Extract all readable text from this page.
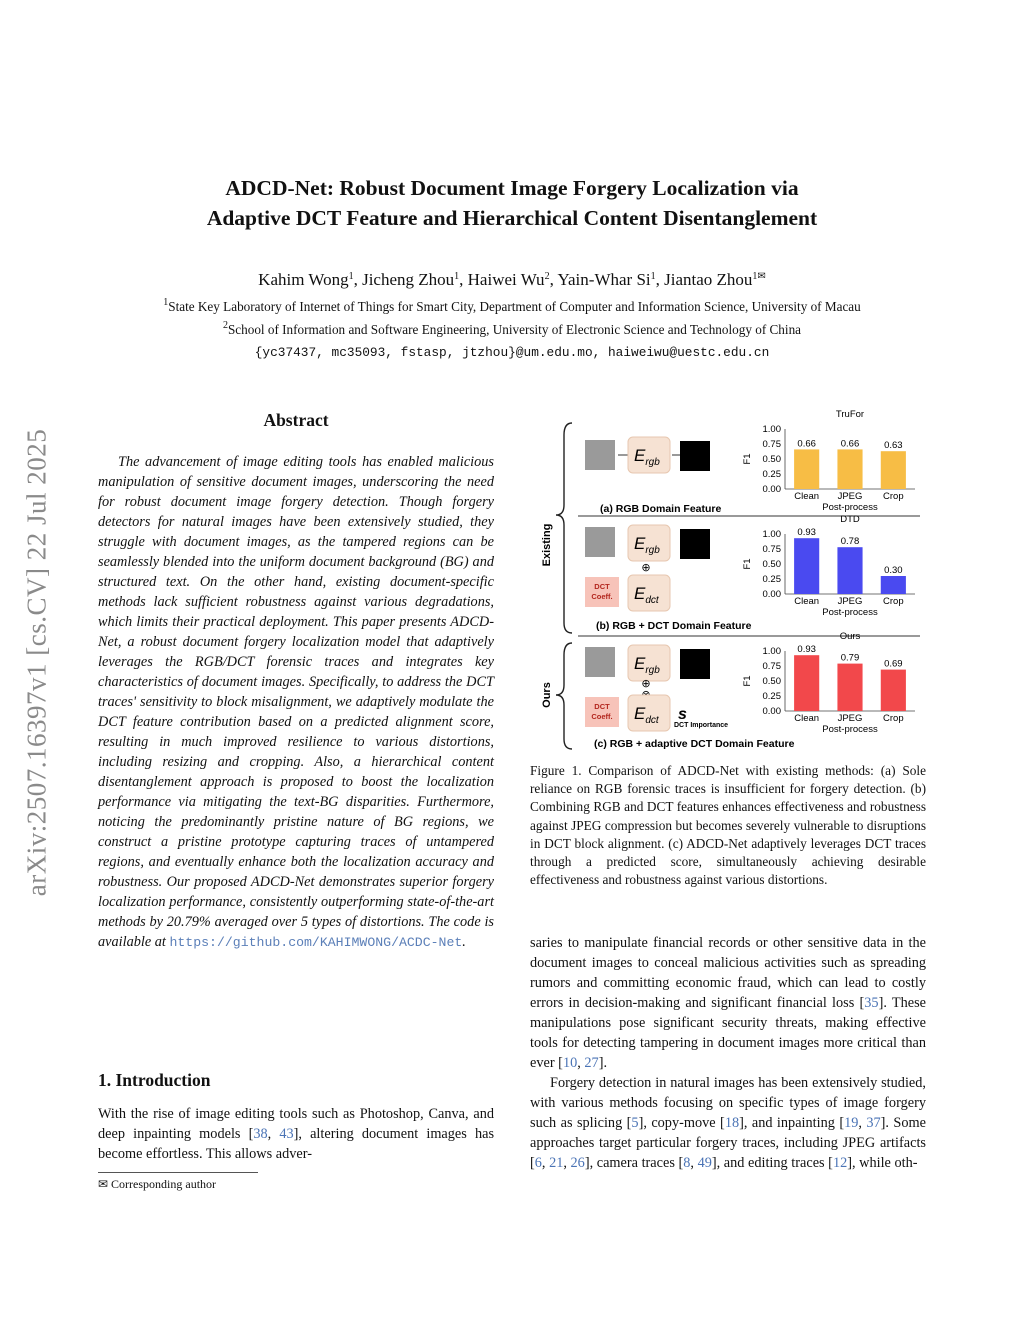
arXiv:2507.16397v1 [cs.CV] 22 Jul 2025
ADCD-Net: Robust Document Image Forgery Localization via
Adaptive DCT Feature and Hierarchical Content Disentanglement
Kahim Wong$^1$, Jicheng Zhou$^1$, Haiwei Wu$^2$, Yain-Whar Si$^1$, Jiantao Zhou$^{1✉}$
$^1$State Key Laboratory of Internet of Things for Smart City, Department of Computer and Information Science, University of Macau
$^2$School of Information and Software Engineering, University of Electronic Science and Technology of China
{yc37437, mc35093, fstasp, jtzhou}@um.edu.mo, haiweiwu@uestc.edu.cn
Abstract

The advancement of image editing tools has enabled malicious manipulation of sensitive document images, underscoring the need for robust document image forgery detection. Though forgery detectors for natural images have been extensively studied, they struggle with document images, as the tampered regions can be seamlessly blended into the uniform document background (BG) and structured text. On the other hand, existing document-specific methods lack sufficient robustness against various degradations, which limits their practical deployment. This paper presents ADCD-Net, a robust document forgery localization model that adaptively leverages the RGB/DCT forensic traces and integrates key characteristics of document images. Specifically, to address the DCT traces' sensitivity to block misalignment, we adaptively modulate the DCT feature contribution based on a predicted alignment score, resulting in much improved resilience to various distortions, including resizing and cropping. Also, a hierarchical content disentanglement approach is proposed to boost the localization performance via mitigating the text-BG disparities. Furthermore, noticing the predominantly pristine nature of BG regions, we construct a pristine prototype capturing traces of untampered regions, and eventually enhance both the localization accuracy and robustness. Our proposed ADCD-Net demonstrates superior forgery localization performance, consistently outperforming state-of-the-art methods by 20.79% averaged over 5 types of distortions. The code is available at https://github.com/KAHIMWONG/ACDC-Net.

1. Introduction

With the rise of image editing tools such as Photoshop, Canva, and deep inpainting models [38, 43], altering document images has become effortless. This allows adver-

✉ Corresponding author

saries to manipulate financial records or other sensitive data in the document images to conceal malicious activities such as spreading rumors and committing economic fraud, which can lead to costly errors in decision-making and significant financial loss [35]. These manipulations pose significant security threats, making effective tools for detecting tampering in document images more critical than ever [10, 27].

Forgery detection in natural images has been extensively studied, with various methods focusing on specific types of image forgery such as splicing [5], copy-move [18], and inpainting [19, 37]. Some approaches target particular forgery traces, including JPEG artifacts [6, 21, 26], camera traces [8, 49], and editing traces [12], while oth-

Existing
Ours
$E_{rgb}$
(a) RGB Domain Feature
$E_{rgb}$
⊕
DCT
Coeff. $E_{dct}$
(b) RGB + DCT Domain Feature
$E_{rgb}$
⊕
DCT
Coeff. $E_{dct}$ s
DCT Importance
(c) RGB + adaptive DCT Domain Feature
TruFor
0.00
0.25
0.50
0.75
1.00
F1
0.66
Clean
0.66
JPEG
0.63
Crop
Post-process
DTD
0.00
0.25
0.50
0.75
1.00
F1
0.93
Clean
0.78
JPEG
0.30
Crop
Post-process
Ours
0.00
0.25
0.50
0.75
1.00
F1
0.93
Clean
0.79
JPEG
0.69
Crop
Post-process
Figure 1. Comparison of ADCD-Net with existing methods: (a) Sole reliance on RGB forensic traces is insufficient for forgery detection. (b) Combining RGB and DCT features enhances effectiveness and robustness against JPEG compression but becomes severely vulnerable to disruptions in DCT block alignment. (c) ADCD-Net adaptively leverages DCT traces through a predicted score, simultaneously achieving desirable effectiveness and robustness against various distortions.
